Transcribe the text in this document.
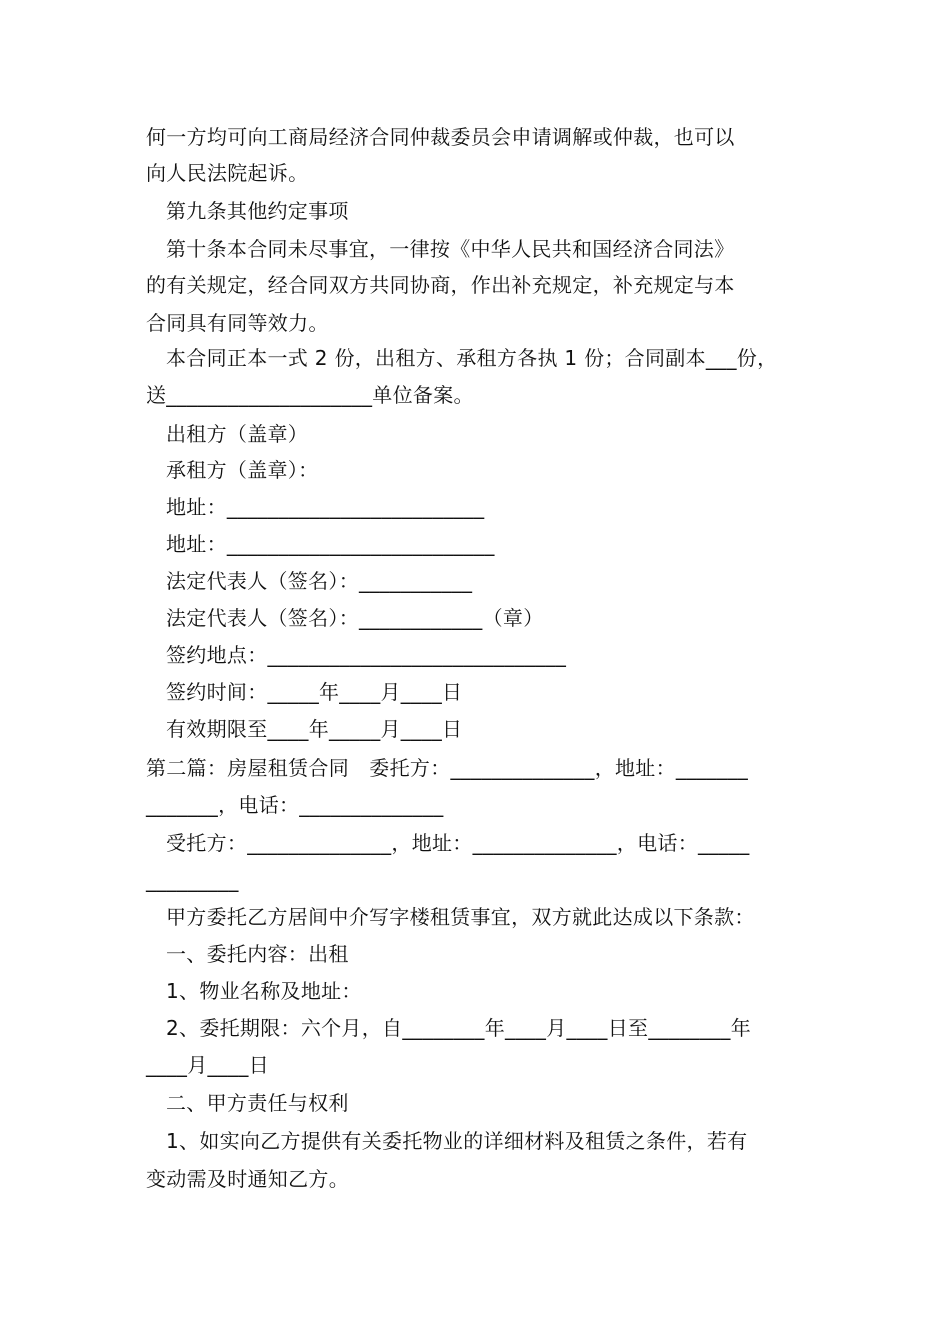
何一方均可向工商局经济合同仲裁委员会申请调解或仲裁，也可以
向人民法院起诉。
第九条其他约定事项
第十条本合同未尽事宜，一律按《中华人民共和国经济合同法》
的有关规定，经合同双方共同协商，作出补充规定，补充规定与本
合同具有同等效力。
本合同正本一式 2 份，出租方、承租方各执 1 份；合同副本___份，
送____________________单位备案。
出租方（盖章）
承租方（盖章）：
地址：_________________________
地址：__________________________
法定代表人（签名）：___________
法定代表人（签名）：____________（章）
签约地点：_____________________________
签约时间：_____年____月____日
有效期限至____年_____月____日
第二篇：房屋租赁合同　委托方：______________，地址：_______
_______，电话：______________
受托方：______________，地址：______________，电话：_____
_________
甲方委托乙方居间中介写字楼租赁事宜，双方就此达成以下条款：
一、委托内容：出租
1、物业名称及地址：
2、委托期限：六个月，自________年____月____日至________年
____月____日
二、甲方责任与权利
1、如实向乙方提供有关委托物业的详细材料及租赁之条件，若有
变动需及时通知乙方。
